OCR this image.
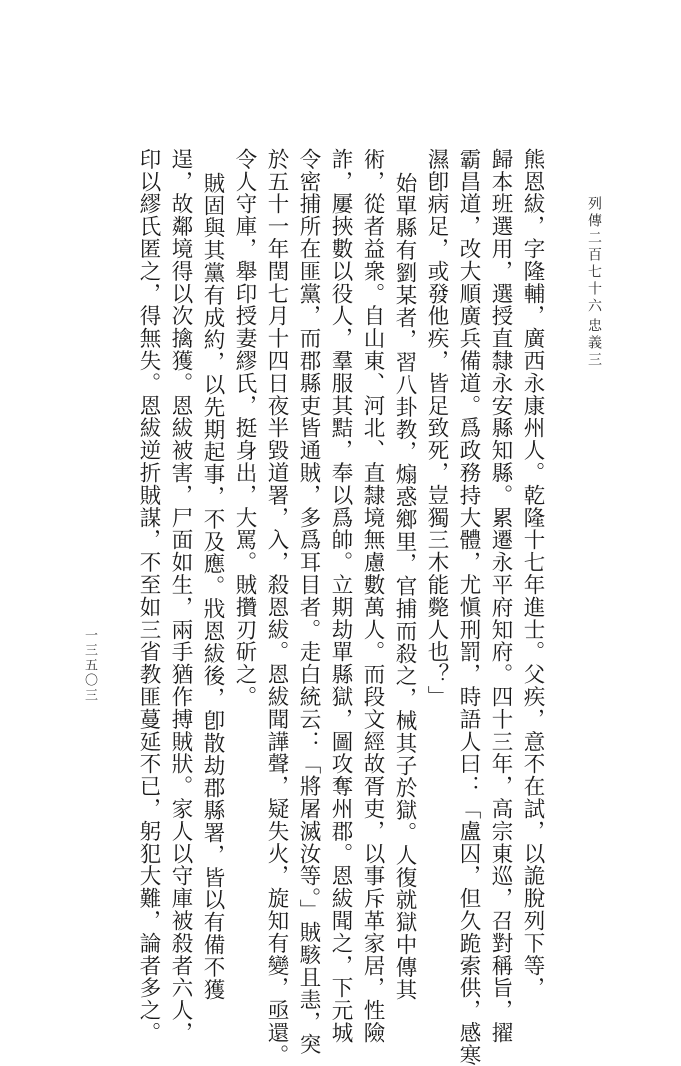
列傳二百七十六
忠義三
熊恩紱，字隆輔，廣西永康州人。乾隆十七年進士。父疾，意不在試，以詭脫列下等，
歸本班選用，選授直隸永安縣知縣。累遷永平府知府。四十三年，高宗東巡，召對稱旨，擢
霸昌道，改大順廣兵備道。爲政務持大體，尤愼刑罰，時語人曰：「盧囚，但久跪索供，感寒
濕卽病足，或發他疾，皆足致死，豈獨三木能斃人也？」
始單縣有劉某者，習八卦教，煽惑鄉里，官捕而殺之，械其子於獄。人復就獄中傳其
術，從者益衆。自山東、河北、直隸境無慮數萬人。而段文經故胥吏，以事斥革家居，性險
詐，屢挾數以役人，羣服其黠，奉以爲帥。立期劫單縣獄，圖攻奪州郡。恩紱聞之，下元城
令密捕所在匪黨，而郡縣吏皆通賊，多爲耳目者。走白統云：「將屠滅汝等。」賊駭且恚，突
於五十一年閏七月十四日夜半毀道署，入，殺恩紱。恩紱聞譁聲，疑失火，旋知有變，亟還。
令人守庫，舉印授妻繆氏，挺身出，大罵。賊攢刃斫之。
賊固與其黨有成約，以先期起事，不及應。戕恩紱後，卽散劫郡縣署，皆以有備不獲
逞，故鄰境得以次擒獲。恩紱被害，尸面如生，兩手猶作搏賊狀。家人以守庫被殺者六人，
印以繆氏匿之，得無失。恩紱逆折賊謀，不至如三省教匪蔓延不已，躬犯大難，論者多之。
一三五〇三
